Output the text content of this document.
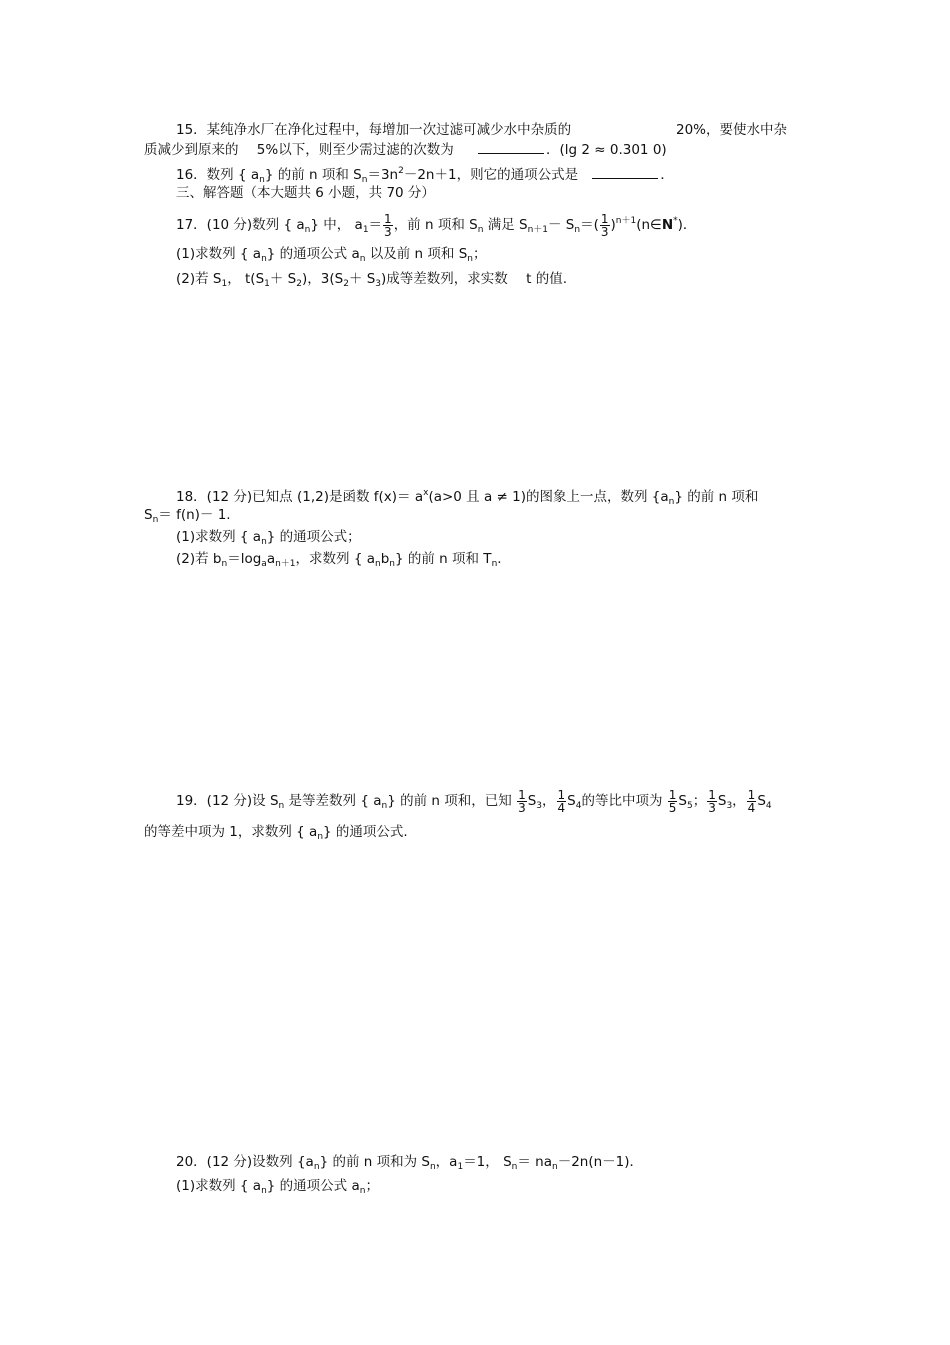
15．某纯净水厂在净化过程中，每增加一次过滤可减少水中杂质的	20%，要使水中杂
质减少到原来的 5%以下，则至少需过滤的次数为	．(lg 2 ≈ 0.301 0)
16．数列 { $a_n$} 的前 n 项和 $S_n=3n^2-2n+1$，则它的通项公式是	．
三、解答题（本大题共 6 小题，共 70 分）
17．(10 分)数列 { $a_n$} 中， $a_1= \frac{1}{3}$ ，前 n 项和 $S_n$ 满足 $S_{n+1}- S_n=( \frac{1}{3}$ )$^{n+1}(n\in N^*)$．
(1)求数列 { $a_n$} 的通项公式 $a_n$ 以及前 n 项和 $S_n$；
(2)若 $S_1$， $t(S_1+ S_2)$，$3(S_2+ S_3)$成等差数列，求实数 t 的值.
18．(12 分)已知点 (1,2)是函数 $f(x)= a^x(a>0$ 且 a ≠ 1)的图象上一点，数列 $\{a_n\}$ 的前 n 项和
$S_n= f(n)- 1$.
(1)求数列 { $a_n$} 的通项公式；
(2)若 $b_n=\log_aa_{n+1}$，求数列 { $a_nb_n$} 的前 n 项和 $T_n$.
19．(12 分)设 $S_n$ 是等差数列 { $a_n$} 的前 n 项和，已知 $\frac{1}{3} S_3$， $\frac{1}{4} S_4$的等比中项为 $\frac{1}{5} S_5$； $\frac{1}{3} S_3$， $\frac{1}{4} S_4$
的等差中项为 1，求数列 { $a_n$} 的通项公式.
20．(12 分)设数列 $\{a_n\}$ 的前 n 项和为 $S_n$，$a_1=1$， $S_n= na_n-2n(n-1)$．
(1)求数列 { $a_n$} 的通项公式 $a_n$；
